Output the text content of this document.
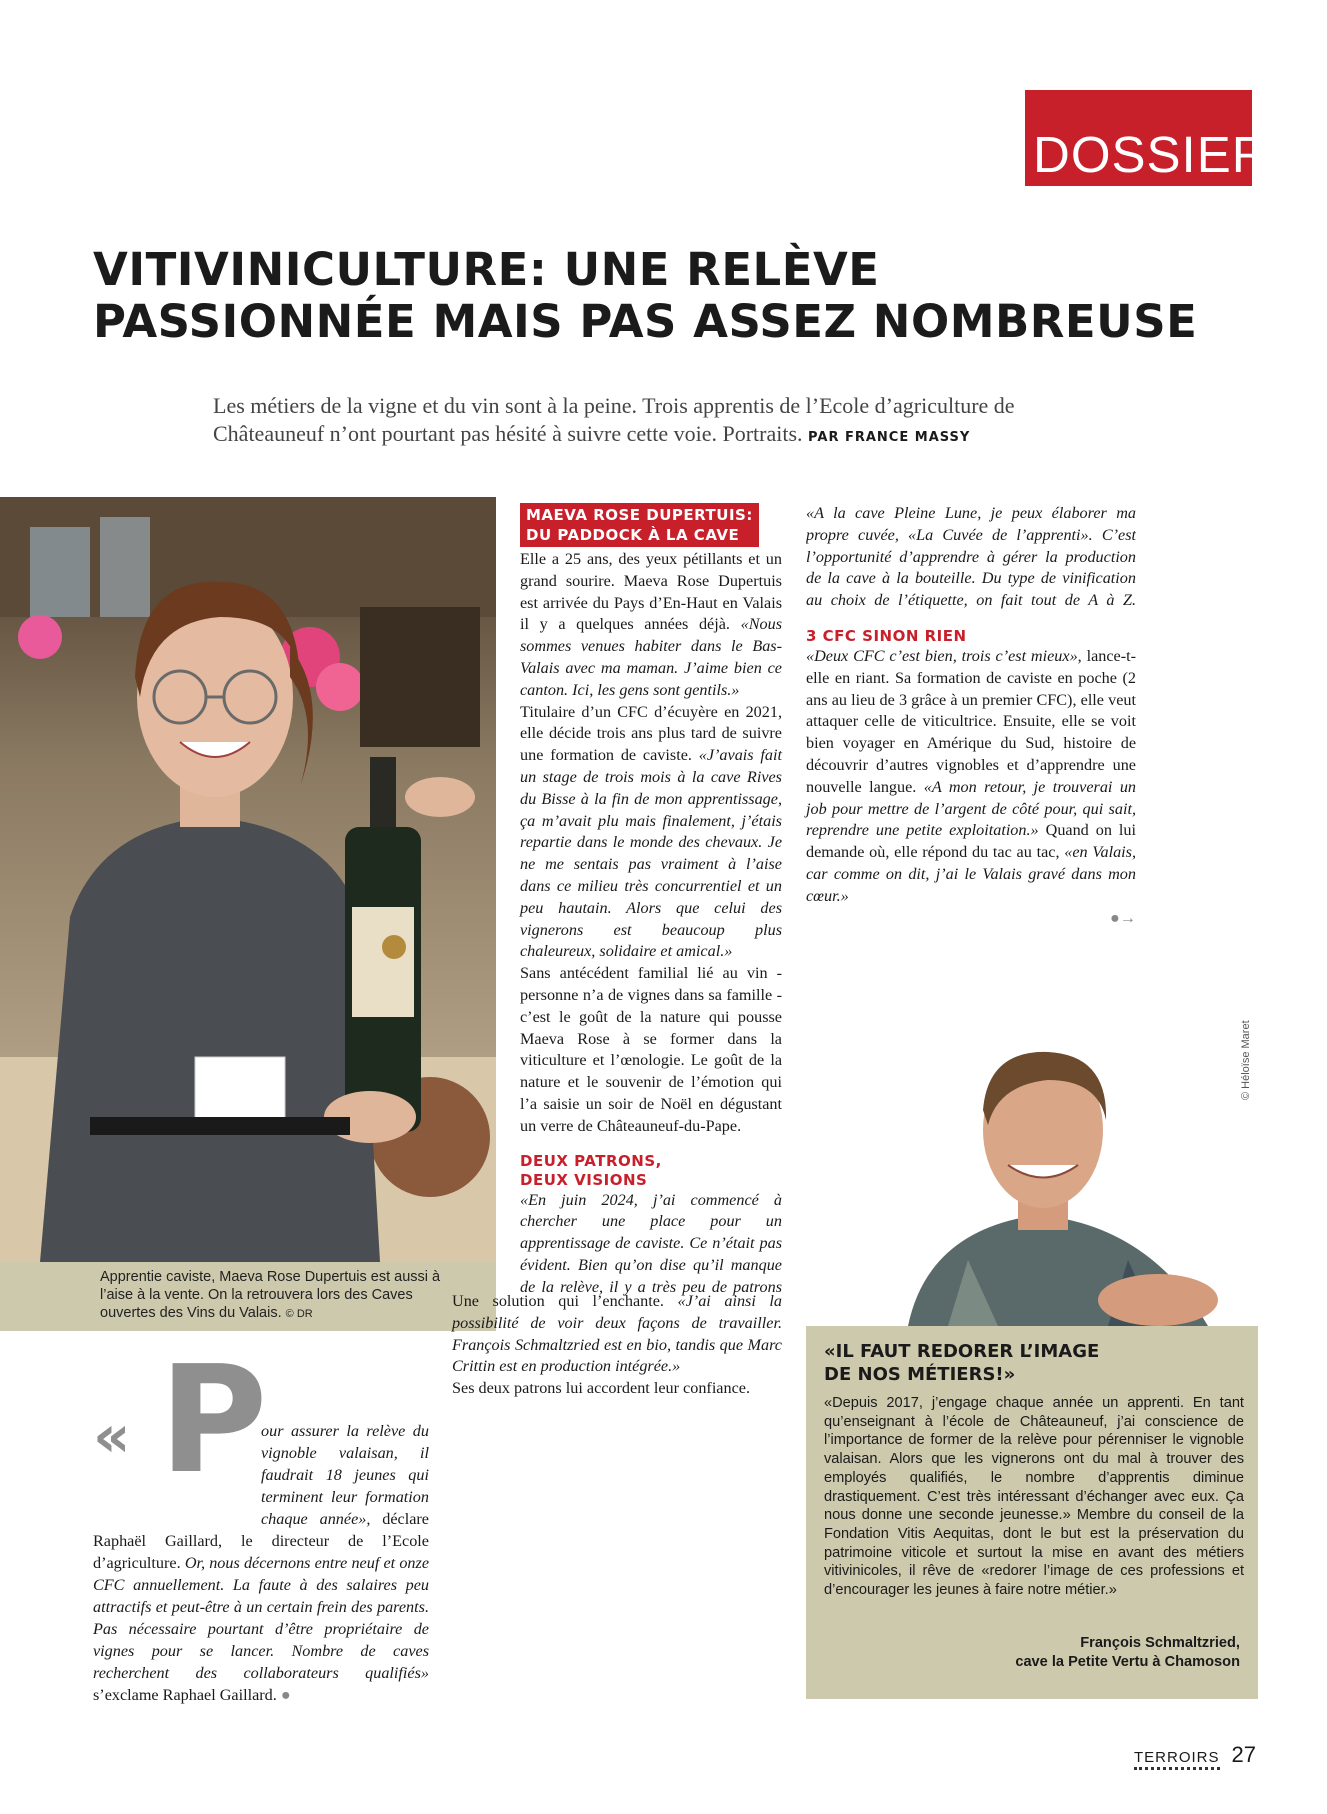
DOSSIER
VITIVINICULTURE: UNE RELÈVE
PASSIONNÉE MAIS PAS ASSEZ NOMBREUSE
Les métiers de la vigne et du vin sont à la peine. Trois apprentis de l’Ecole d’agriculture de Châteauneuf n’ont pourtant pas hésité à suivre cette voie. Portraits. PAR FRANCE MASSY

Apprentie caviste, Maeva Rose Dupertuis est aussi à l’aise à la vente. On la retrouvera lors des Caves ouvertes des Vins du Valais. © DR

MAEVA ROSE DUPERTUIS:
DU PADDOCK À LA CAVE

Elle a 25 ans, des yeux pétillants et un grand sourire. Maeva Rose Dupertuis est arrivée du Pays d’En-Haut en Valais il y a quelques années déjà. «Nous sommes venues habiter dans le Bas-Valais avec ma maman. J’aime bien ce canton. Ici, les gens sont gentils.»

Titulaire d’un CFC d’écuyère en 2021, elle décide trois ans plus tard de suivre une formation de caviste. «J’avais fait un stage de trois mois à la cave Rives du Bisse à la fin de mon apprentissage, ça m’avait plu mais finalement, j’étais repartie dans le monde des chevaux. Je ne me sentais pas vraiment à l’aise dans ce milieu très concurrentiel et un peu hautain. Alors que celui des vignerons est beaucoup plus chaleureux, solidaire et amical.»

Sans antécédent familial lié au vin - personne n’a de vignes dans sa famille - c’est le goût de la nature qui pousse Maeva Rose à se former dans la viticulture et l’œnologie. Le goût de la nature et le souvenir de l’émotion qui l’a saisie un soir de Noël en dégustant un verre de Châteauneuf-du-Pape.

DEUX PATRONS,
DEUX VISIONS

«En juin 2024, j’ai commencé à chercher une place pour un apprentissage de caviste. Ce n’était pas évident. Bien qu’on dise qu’il manque de la relève, il y a très peu de patrons

«A la cave Pleine Lune, je peux élaborer ma propre cuvée, «La Cuvée de l’apprenti». C’est l’opportunité d’apprendre à gérer la production de la cave à la bouteille. Du type de vinification au choix de l’étiquette, on fait tout de A à Z.

3 CFC SINON RIEN

«Deux CFC c’est bien, trois c’est mieux», lance-t-elle en riant. Sa formation de caviste en poche (2 ans au lieu de 3 grâce à un premier CFC), elle veut attaquer celle de viticultrice. Ensuite, elle se voit bien voyager en Amérique du Sud, histoire de découvrir d’autres vignobles et d’apprendre une nouvelle langue. «A mon retour, je trouverai un job pour mettre de l’argent de côté pour, qui sait, reprendre une petite exploitation.» Quand on lui demande où, elle répond du tac au tac, «en Valais, car comme on dit, j’ai le Valais gravé dans mon cœur.»

●→
« P
our assurer la relève du vignoble valaisan, il faudrait 18 jeunes qui terminent leur formation chaque année», déclare Raphaël Gaillard, le directeur de l’Ecole d’agriculture. Or, nous décernons entre neuf et onze CFC annuellement. La faute à des salaires peu attractifs et peut-être à un certain frein des parents. Pas nécessaire pourtant d’être propriétaire de vignes pour se lancer. Nombre de caves recherchent des collaborateurs qualifiés» s’exclame Raphael Gaillard. ●

Une solution qui l’enchante. «J’ai ainsi la possibilité de voir deux façons de travailler. François Schmaltzried est en bio, tandis que Marc Crittin est en production intégrée.»

Ses deux patrons lui accordent leur confiance.

© Héloïse Maret
«IL FAUT REDORER L’IMAGE
DE NOS MÉTIERS!»
«Depuis 2017, j’engage chaque année un apprenti. En tant qu’enseignant à l’école de Châteauneuf, j’ai conscience de l’importance de former de la relève pour pérenniser le vignoble valaisan. Alors que les vignerons ont du mal à trouver des employés qualifiés, le nombre d’apprentis diminue drastiquement. C’est très intéressant d’échanger avec eux. Ça nous donne une seconde jeunesse.» Membre du conseil de la Fondation Vitis Aequitas, dont le but est la préservation du patrimoine viticole et surtout la mise en avant des métiers vitivinicoles, il rêve de «redorer l’image de ces professions et d’encourager les jeunes à faire notre métier.»
François Schmaltzried,
cave la Petite Vertu à Chamoson
TERROIRS 27
